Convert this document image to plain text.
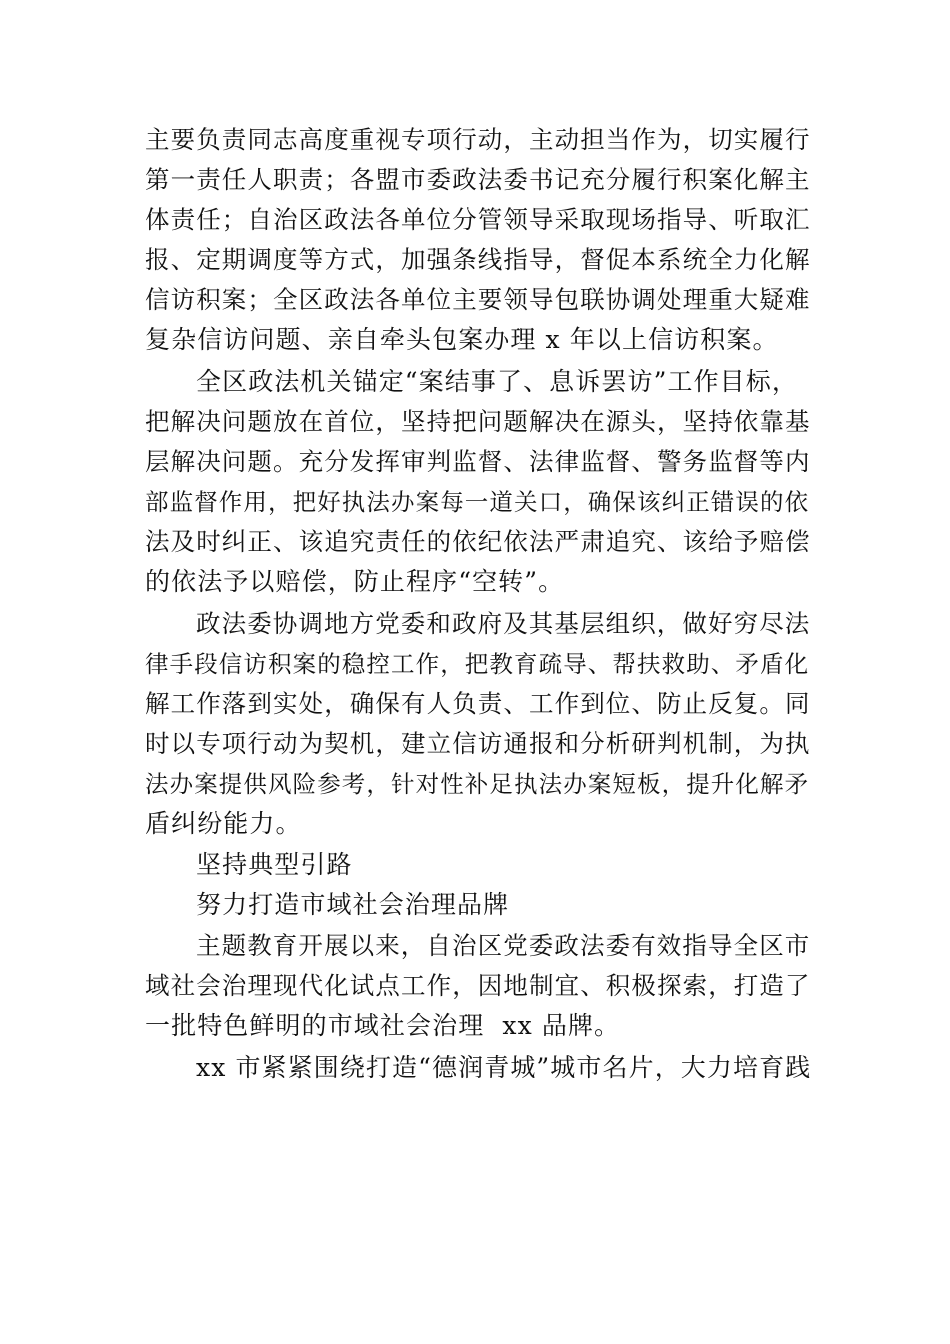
主要负责同志高度重视专项行动，主动担当作为，切实履行
第一责任人职责；各盟市委政法委书记充分履行积案化解主
体责任；自治区政法各单位分管领导采取现场指导、听取汇
报、定期调度等方式，加强条线指导，督促本系统全力化解
信访积案；全区政法各单位主要领导包联协调处理重大疑难
复杂信访问题、亲自牵头包案办理 x 年以上信访积案。
全区政法机关锚定“案结事了、息诉罢访”工作目标，
把解决问题放在首位，坚持把问题解决在源头，坚持依靠基
层解决问题。充分发挥审判监督、法律监督、警务监督等内
部监督作用，把好执法办案每一道关口，确保该纠正错误的依
法及时纠正、该追究责任的依纪依法严肃追究、该给予赔偿
的依法予以赔偿，防止程序“空转”。
政法委协调地方党委和政府及其基层组织，做好穷尽法
律手段信访积案的稳控工作，把教育疏导、帮扶救助、矛盾化
解工作落到实处，确保有人负责、工作到位、防止反复。同
时以专项行动为契机，建立信访通报和分析研判机制，为执
法办案提供风险参考，针对性补足执法办案短板，提升化解矛
盾纠纷能力。
坚持典型引路
努力打造市域社会治理品牌
主题教育开展以来，自治区党委政法委有效指导全区市
域社会治理现代化试点工作，因地制宜、积极探索，打造了
一批特色鲜明的市域社会治理  xx 品牌。
xx 市紧紧围绕打造“德润青城”城市名片，大力培育践
